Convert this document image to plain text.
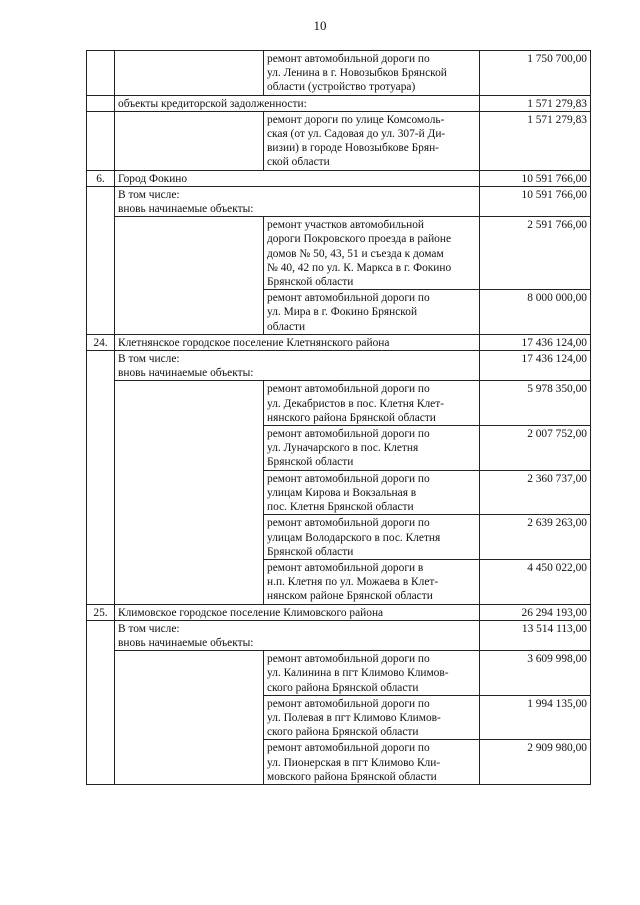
10
		ремонт автомобильной дороги по
ул. Ленина в г. Новозыбков Брянской
области (устройство тротуара)	1 750 700,00
	объекты кредиторской задолженности:		1 571 279,83
		ремонт дороги по улице Комсомоль-
ская (от ул. Садовая до ул. 307-й Ди-
визии) в городе Новозыбкове Брян-
ской области	1 571 279,83
6.	Город Фокино		10 591 766,00
	В том числе:
вновь начинаемые объекты:		10 591 766,00
		ремонт участков автомобильной
дороги Покровского проезда в районе
домов № 50, 43, 51 и съезда к домам
№ 40, 42 по ул. К. Маркса в г. Фокино
Брянской области	2 591 766,00
		ремонт автомобильной дороги по
ул. Мира в г. Фокино Брянской
области	8 000 000,00
24.	Клетнянское городское поселение Клетнянского района		17 436 124,00
	В том числе:
вновь начинаемые объекты:		17 436 124,00
		ремонт автомобильной дороги по
ул. Декабристов в пос. Клетня Клет-
нянского района Брянской области	5 978 350,00
		ремонт автомобильной дороги по
ул. Луначарского в пос. Клетня
Брянской области	2 007 752,00
		ремонт автомобильной дороги по
улицам Кирова и Вокзальная в
пос. Клетня Брянской области	2 360 737,00
		ремонт автомобильной дороги по
улицам Володарского в пос. Клетня
Брянской области	2 639 263,00
		ремонт автомобильной дороги в
н.п. Клетня по ул. Можаева в Клет-
нянском районе Брянской области	4 450 022,00
25.	Климовское городское поселение Климовского района		26 294 193,00
	В том числе:
вновь начинаемые объекты:		13 514 113,00
		ремонт автомобильной дороги по
ул. Калинина в пгт Климово Климов-
ского района Брянской области	3 609 998,00
		ремонт автомобильной дороги по
ул. Полевая в пгт Климово Климов-
ского района Брянской области	1 994 135,00
		ремонт автомобильной дороги по
ул. Пионерская в пгт Климово Кли-
мовского района Брянской области	2 909 980,00
